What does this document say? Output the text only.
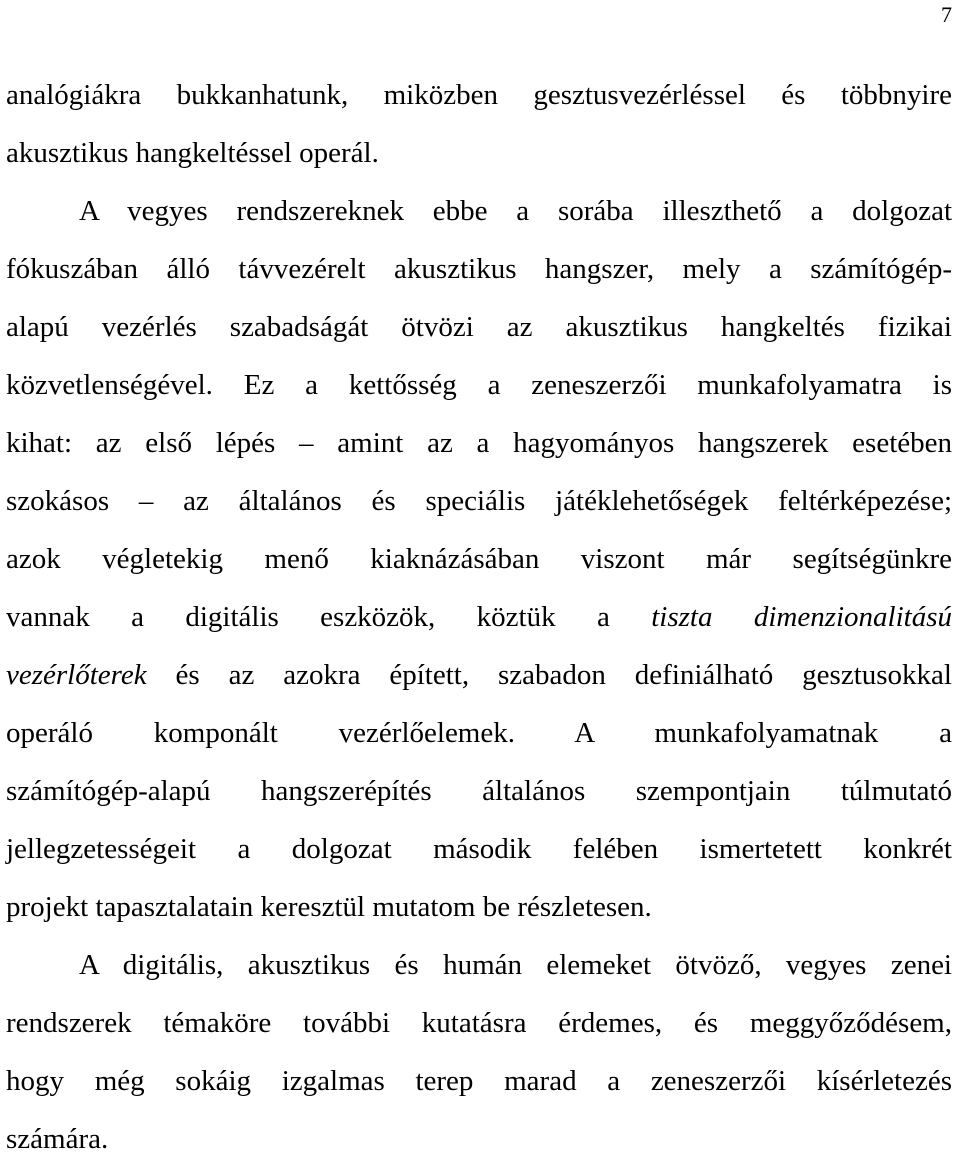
7
analógiákra bukkanhatunk, miközben gesztusvezérléssel és többnyire
akusztikus hangkeltéssel operál.
A vegyes rendszereknek ebbe a sorába illeszthető a dolgozat
fókuszában álló távvezérelt akusztikus hangszer, mely a számítógép-
alapú vezérlés szabadságát ötvözi az akusztikus hangkeltés fizikai
közvetlenségével. Ez a kettősség a zeneszerzői munkafolyamatra is
kihat: az első lépés – amint az a hagyományos hangszerek esetében
szokásos – az általános és speciális játéklehetőségek feltérképezése;
azok végletekig menő kiaknázásában viszont már segítségünkre
vannak a digitális eszközök, köztük a tiszta dimenzionalitású
vezérlőterek és az azokra épített, szabadon definiálható gesztusokkal
operáló komponált vezérlőelemek. A munkafolyamatnak a
számítógép-alapú hangszerépítés általános szempontjain túlmutató
jellegzetességeit a dolgozat második felében ismertetett konkrét
projekt tapasztalatain keresztül mutatom be részletesen.
A digitális, akusztikus és humán elemeket ötvöző, vegyes zenei
rendszerek témaköre további kutatásra érdemes, és meggyőződésem,
hogy még sokáig izgalmas terep marad a zeneszerzői kísérletezés
számára.
